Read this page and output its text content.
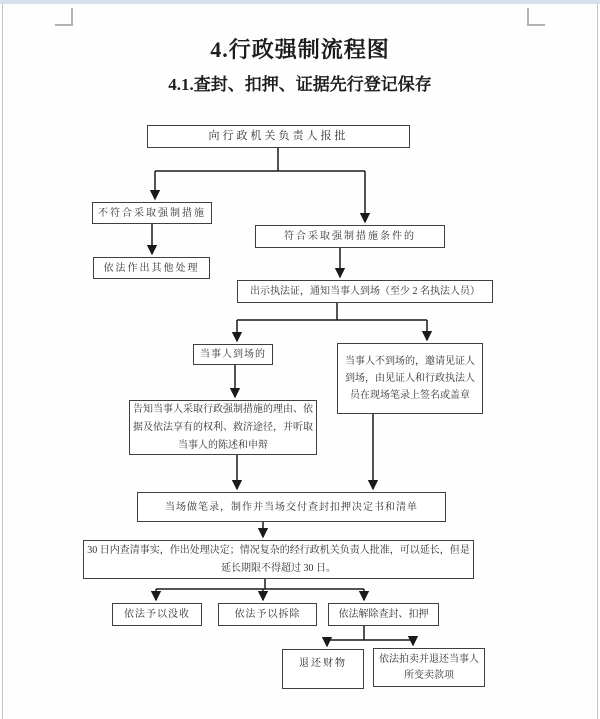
4.行政强制流程图
4.1.查封、扣押、证据先行登记保存
向行政机关负责人报批
不符合采取强制措施
依法作出其他处理
符合采取强制措施条件的
出示执法证，通知当事人到场（至少 2 名执法人员）
当事人到场的
当事人不到场的，邀请见证人到场，由见证人和行政执法人员在现场笔录上签名或盖章
告知当事人采取行政强制措施的理由、依据及依法享有的权利、救济途径，并听取当事人的陈述和申辩
当场做笔录，制作并当场交付查封扣押决定书和清单
30 日内查清事实，作出处理决定；情况复杂的经行政机关负责人批准，可以延长，但是延长期限不得超过 30 日。
依法予以没收	依法予以拆除	依法解除查封、扣押
退还财物	依法拍卖并退还当事人所变卖款项
